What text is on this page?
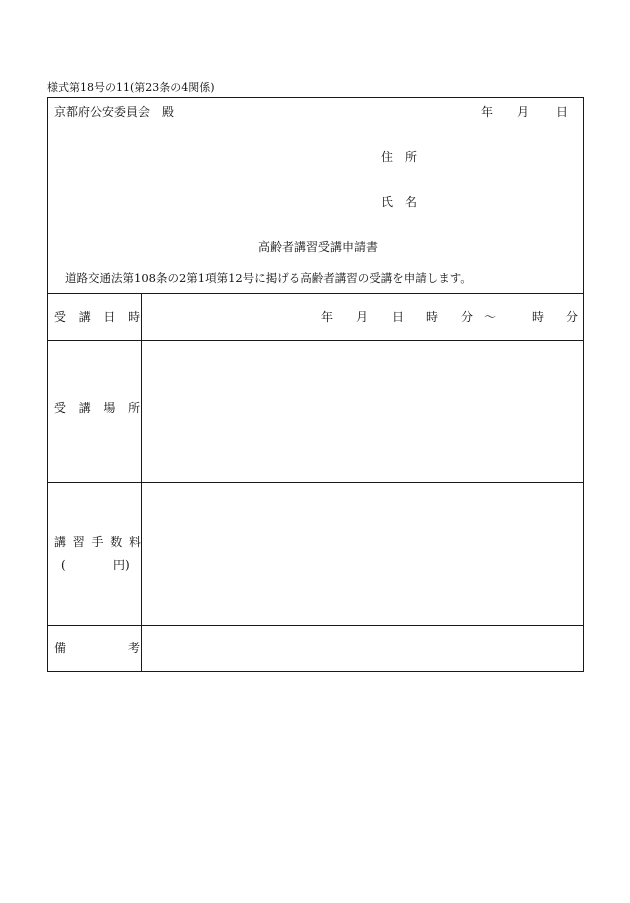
様式第18号の11(第23条の4関係)
京都府公安委員会　殿	年 月 日
住　所
氏　名
高齢者講習受講申請書
道路交通法第108条の2第1項第12号に掲げる高齢者講習の受講を申請します。
受講日時	年 月 日 時 分 ～	時 分
受講場所
講習手数料
(	円)
備考
